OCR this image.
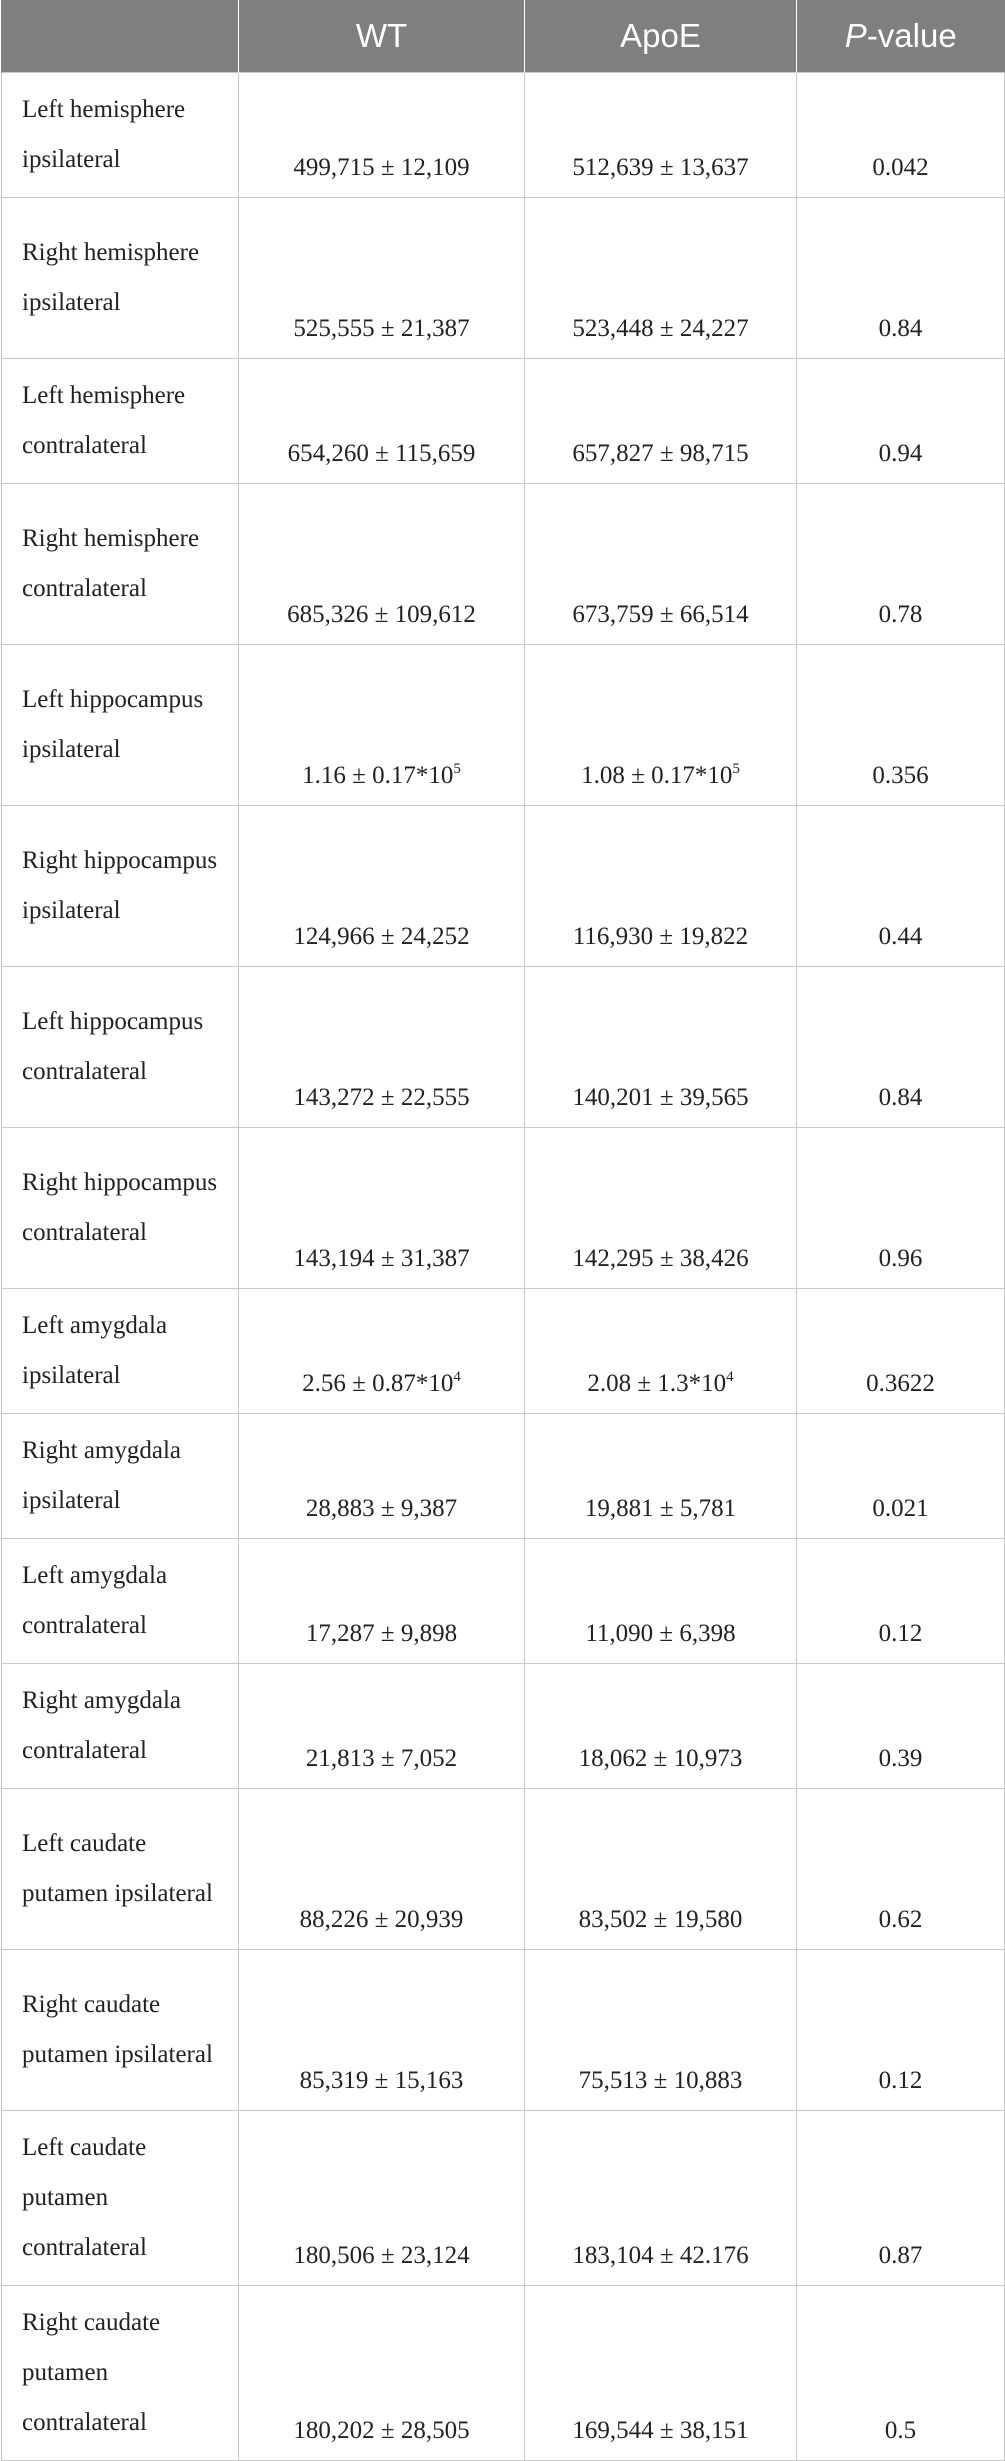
	WT	ApoE	P-value
Left hemisphere ipsilateral	499,715 ± 12,109	512,639 ± 13,637	0.042
Right hemisphere ipsilateral	525,555 ± 21,387	523,448 ± 24,227	0.84
Left hemisphere contralateral	654,260 ± 115,659	657,827 ± 98,715	0.94
Right hemisphere contralateral	685,326 ± 109,612	673,759 ± 66,514	0.78
Left hippocampus ipsilateral	$1.16 \pm 0.17*10^5$	$1.08 \pm 0.17*10^5$	0.356
Right hippocampus ipsilateral	124,966 ± 24,252	116,930 ± 19,822	0.44
Left hippocampus contralateral	143,272 ± 22,555	140,201 ± 39,565	0.84
Right hippocampus contralateral	143,194 ± 31,387	142,295 ± 38,426	0.96
Left amygdala ipsilateral	$2.56 \pm 0.87*10^4$	$2.08 \pm 1.3*10^4$	0.3622
Right amygdala ipsilateral	28,883 ± 9,387	19,881 ± 5,781	0.021
Left amygdala contralateral	17,287 ± 9,898	11,090 ± 6,398	0.12
Right amygdala contralateral	21,813 ± 7,052	18,062 ± 10,973	0.39
Left caudate putamen ipsilateral	88,226 ± 20,939	83,502 ± 19,580	0.62
Right caudate putamen ipsilateral	85,319 ± 15,163	75,513 ± 10,883	0.12
Left caudate putamen contralateral	180,506 ± 23,124	183,104 ± 42.176	0.87
Right caudate putamen contralateral	180,202 ± 28,505	169,544 ± 38,151	0.5
